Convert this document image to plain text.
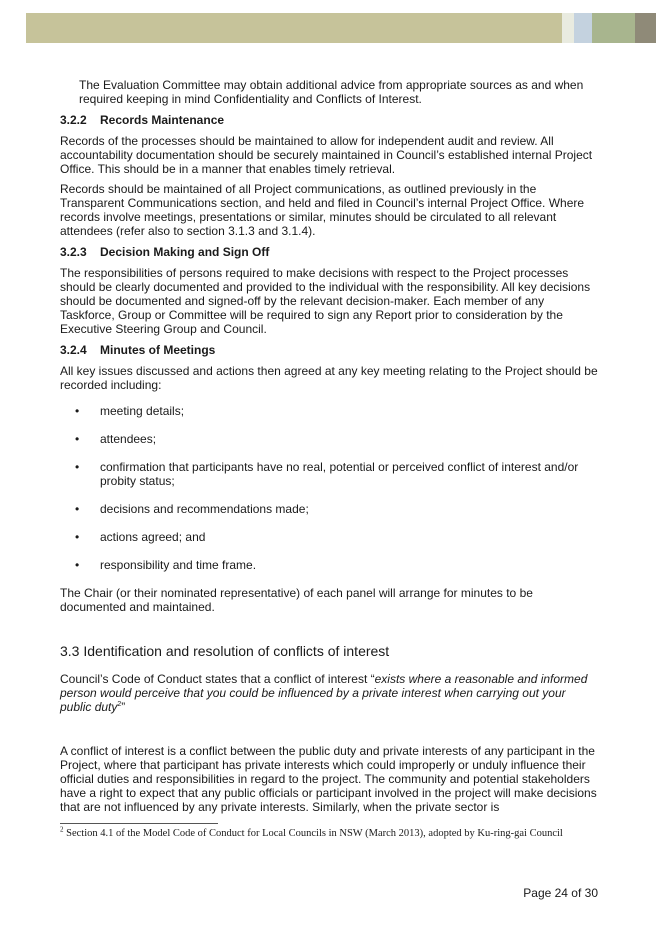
The Evaluation Committee may obtain additional advice from appropriate sources as and when required keeping in mind Confidentiality and Conflicts of Interest.

3.2.2 Records Maintenance

Records of the processes should be maintained to allow for independent audit and review. All accountability documentation should be securely maintained in Council’s established internal Project Office. This should be in a manner that enables timely retrieval.

Records should be maintained of all Project communications, as outlined previously in the Transparent Communications section, and held and filed in Council’s internal Project Office. Where records involve meetings, presentations or similar, minutes should be circulated to all relevant attendees (refer also to section 3.1.3 and 3.1.4).

3.2.3 Decision Making and Sign Off

The responsibilities of persons required to make decisions with respect to the Project processes should be clearly documented and provided to the individual with the responsibility. All key decisions should be documented and signed-off by the relevant decision-maker. Each member of any Taskforce, Group or Committee will be required to sign any Report prior to consideration by the Executive Steering Group and Council.

3.2.4 Minutes of Meetings

All key issues discussed and actions then agreed at any key meeting relating to the Project should be recorded including:

• meeting details;
• attendees;
• confirmation that participants have no real, potential or perceived conflict of interest and/or probity status;
• decisions and recommendations made;
• actions agreed; and
• responsibility and time frame.

The Chair (or their nominated representative) of each panel will arrange for minutes to be documented and maintained.

3.3 Identification and resolution of conflicts of interest

Council’s Code of Conduct states that a conflict of interest “exists where a reasonable and informed person would perceive that you could be influenced by a private interest when carrying out your public duty$^2$”

A conflict of interest is a conflict between the public duty and private interests of any participant in the Project, where that participant has private interests which could improperly or unduly influence their official duties and responsibilities in regard to the project. The community and potential stakeholders have a right to expect that any public officials or participant involved in the project will make decisions that are not influenced by any private interests. Similarly, when the private sector is

$^2$ Section 4.1 of the Model Code of Conduct for Local Councils in NSW (March 2013), adopted by Ku-ring-gai Council
Page 24 of 30
